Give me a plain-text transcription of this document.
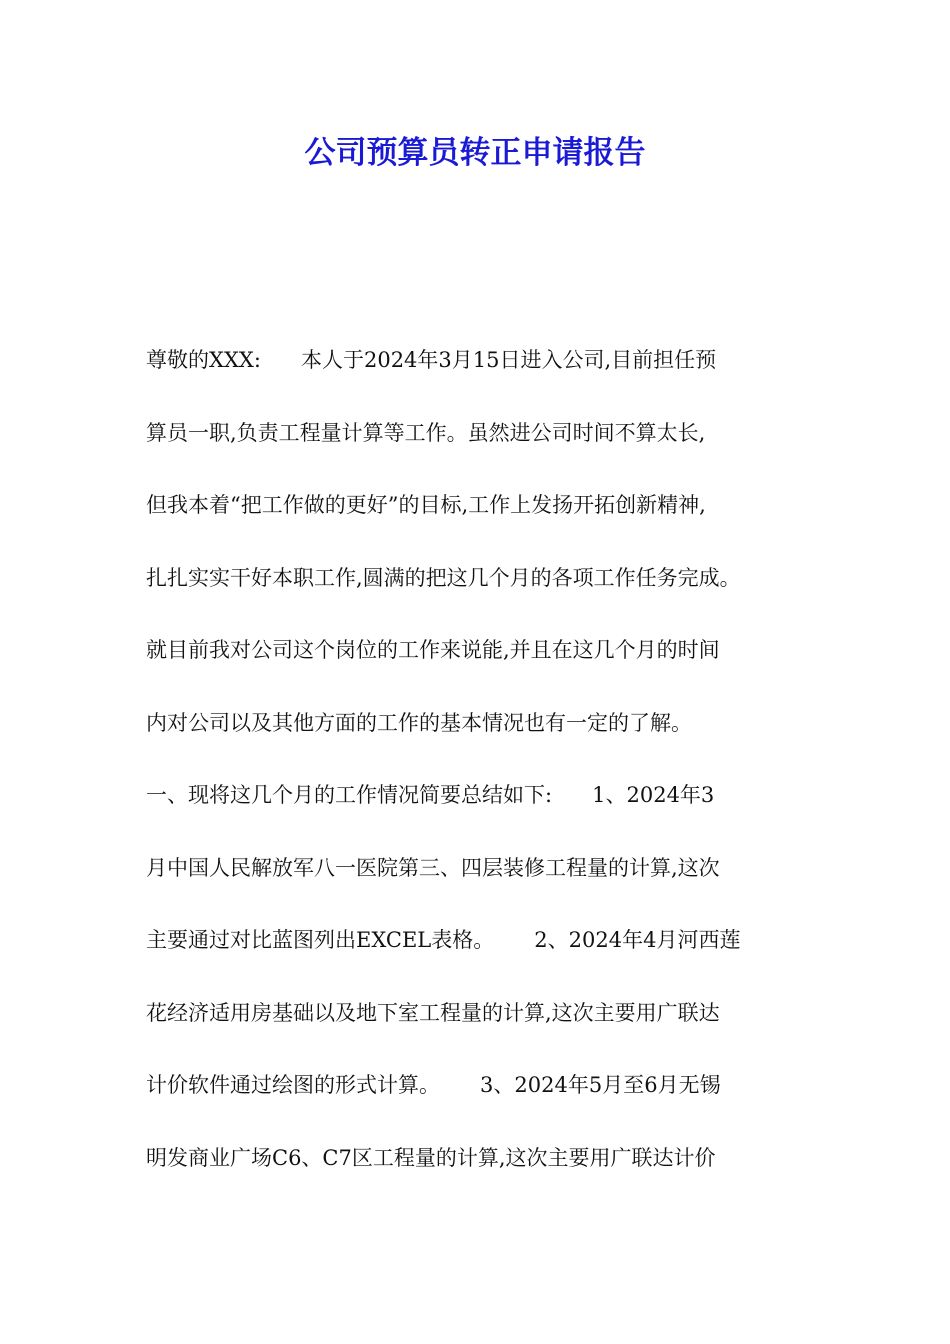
公司预算员转正申请报告
尊敬的XXX:      本人于2024年3月15日进入公司,目前担任预
算员一职,负责工程量计算等工作。虽然进公司时间不算太长,
但我本着“把工作做的更好”的目标,工作上发扬开拓创新精神,
扎扎实实干好本职工作,圆满的把这几个月的各项工作任务完成。
就目前我对公司这个岗位的工作来说能,并且在这几个月的时间
内对公司以及其他方面的工作的基本情况也有一定的了解。
一、现将这几个月的工作情况简要总结如下:      1、2024年3
月中国人民解放军八一医院第三、四层装修工程量的计算,这次
主要通过对比蓝图列出EXCEL表格。      2、2024年4月河西莲
花经济适用房基础以及地下室工程量的计算,这次主要用广联达
计价软件通过绘图的形式计算。      3、2024年5月至6月无锡
明发商业广场C6、C7区工程量的计算,这次主要用广联达计价
